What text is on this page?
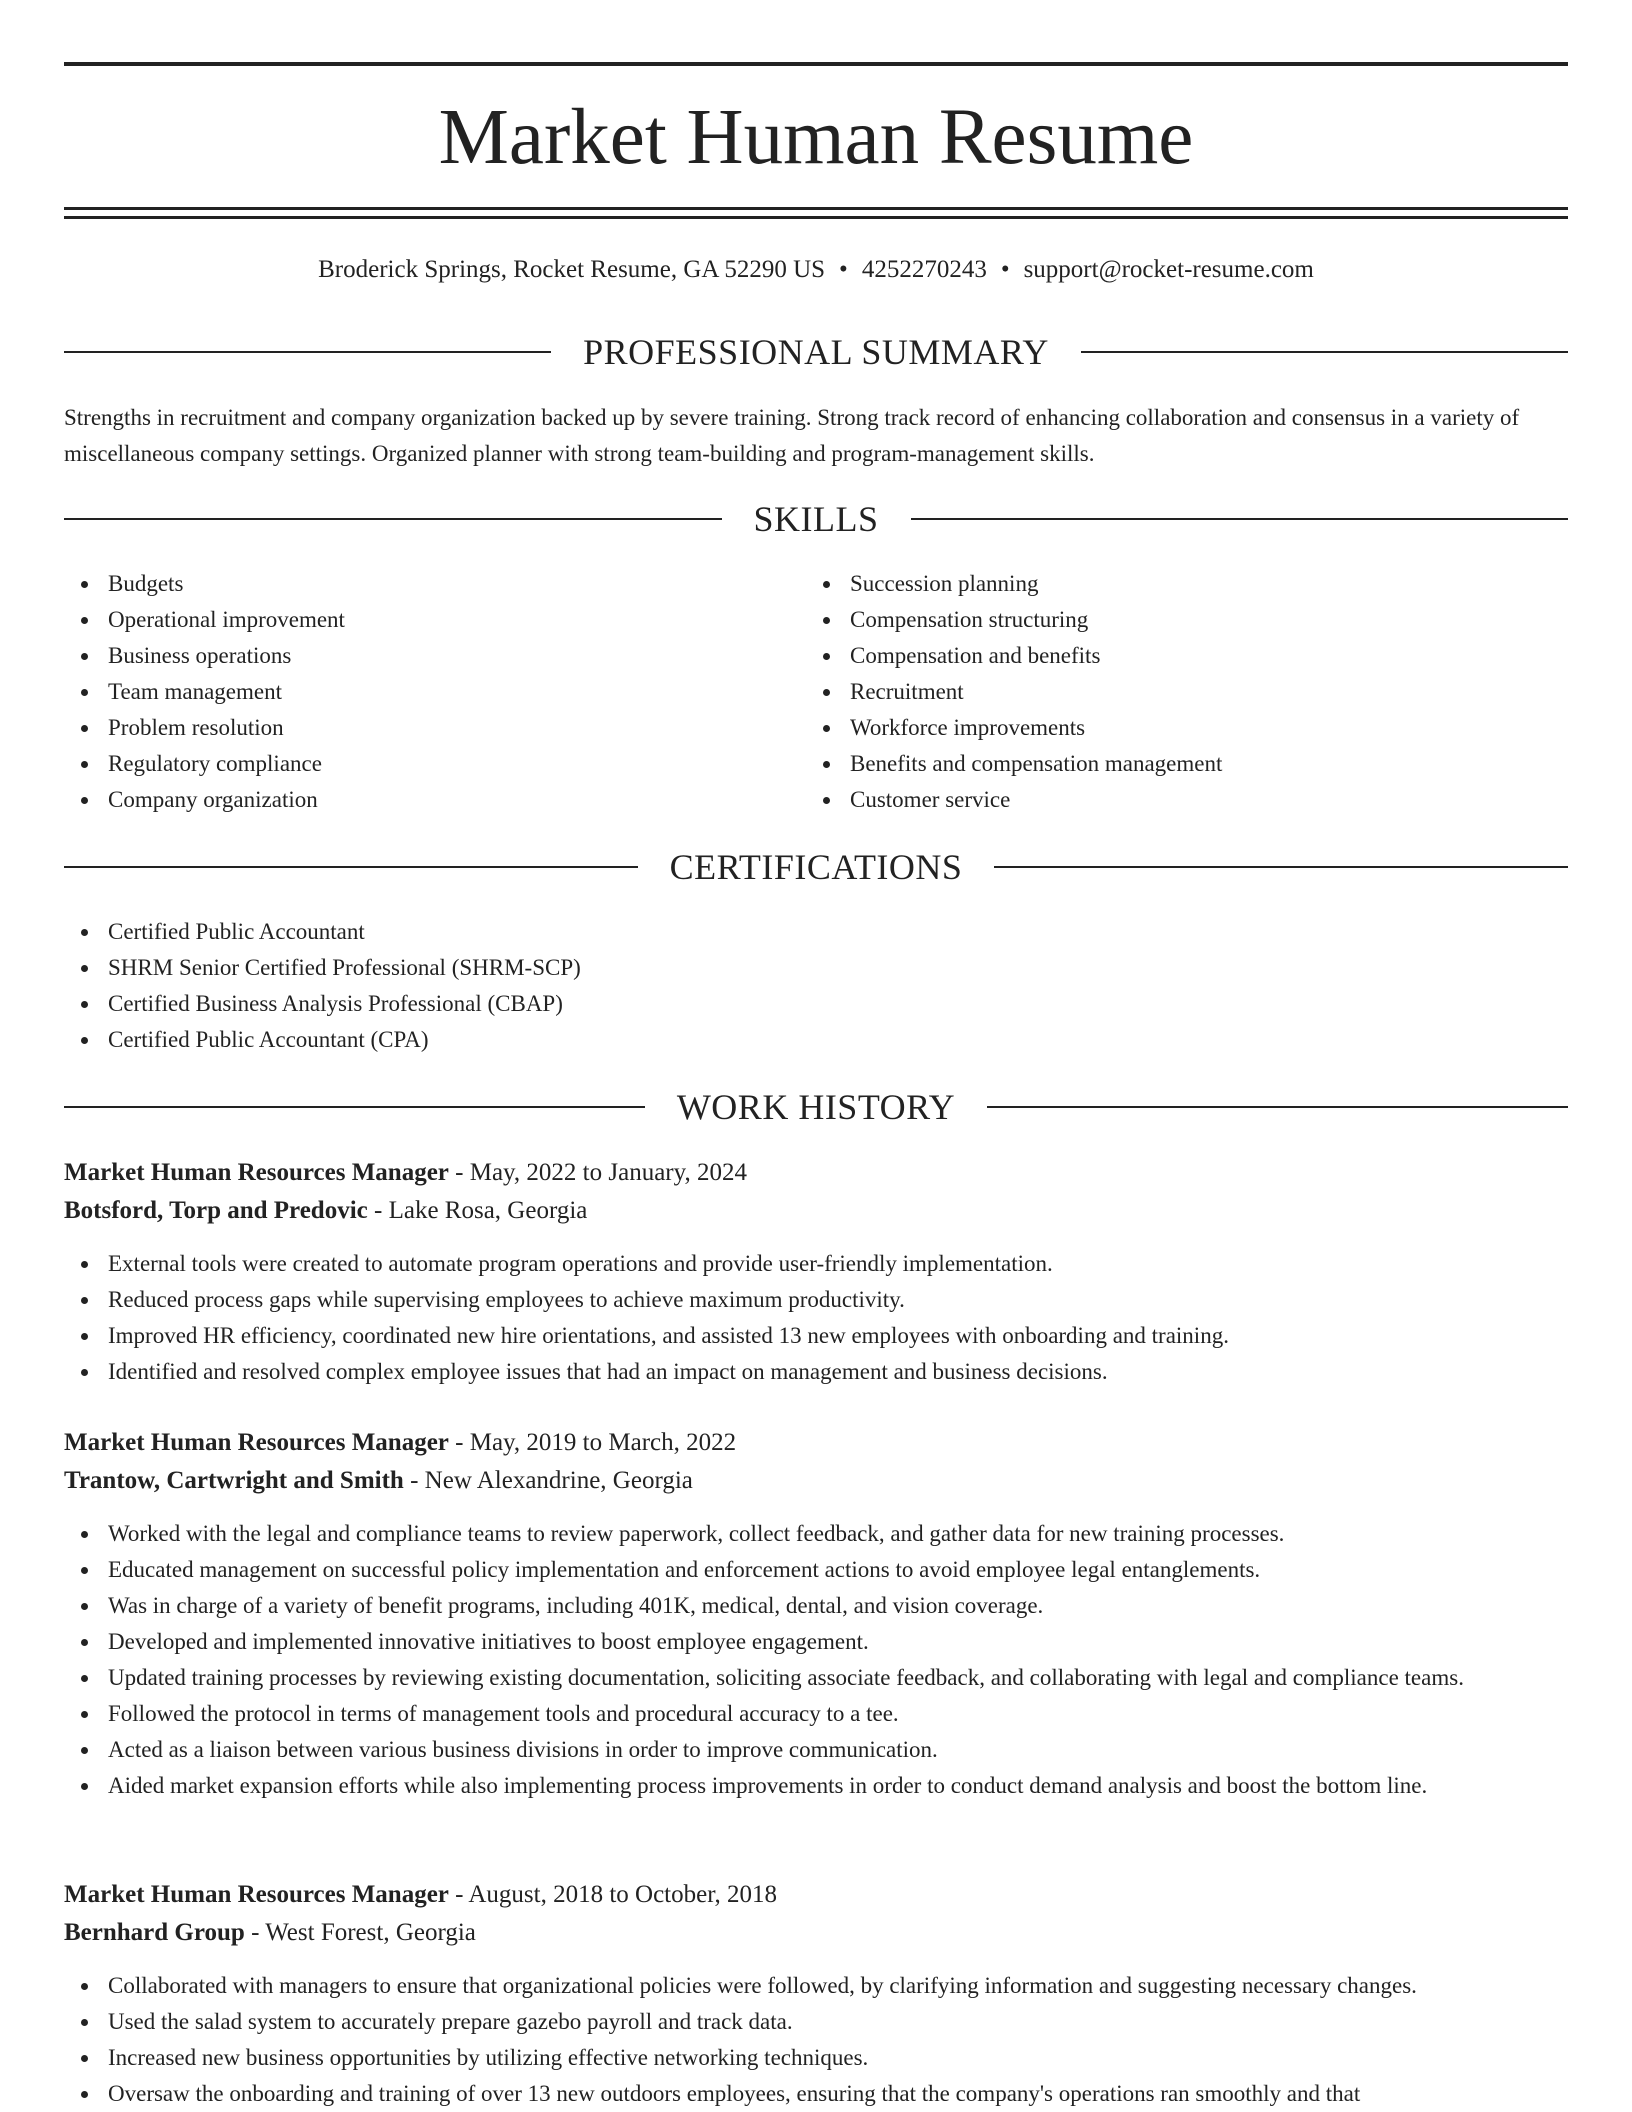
Market Human Resume
Broderick Springs, Rocket Resume, GA 52290 US • 4252270243 • support@rocket-resume.com
PROFESSIONAL SUMMARY

Strengths in recruitment and company organization backed up by severe training. Strong track record of enhancing collaboration and consensus in a variety of miscellaneous company settings. Organized planner with strong team-building and program-management skills.

SKILLS
Budgets
Operational improvement
Business operations
Team management
Problem resolution
Regulatory compliance
Company organization
Succession planning
Compensation structuring
Compensation and benefits
Recruitment
Workforce improvements
Benefits and compensation management
Customer service
CERTIFICATIONS
Certified Public Accountant
SHRM Senior Certified Professional (SHRM-SCP)
Certified Business Analysis Professional (CBAP)
Certified Public Accountant (CPA)
WORK HISTORY
Market Human Resources Manager - May, 2022 to January, 2024
Botsford, Torp and Predovic - Lake Rosa, Georgia
External tools were created to automate program operations and provide user-friendly implementation.
Reduced process gaps while supervising employees to achieve maximum productivity.
Improved HR efficiency, coordinated new hire orientations, and assisted 13 new employees with onboarding and training.
Identified and resolved complex employee issues that had an impact on management and business decisions.
Market Human Resources Manager - May, 2019 to March, 2022
Trantow, Cartwright and Smith - New Alexandrine, Georgia
Worked with the legal and compliance teams to review paperwork, collect feedback, and gather data for new training processes.
Educated management on successful policy implementation and enforcement actions to avoid employee legal entanglements.
Was in charge of a variety of benefit programs, including 401K, medical, dental, and vision coverage.
Developed and implemented innovative initiatives to boost employee engagement.
Updated training processes by reviewing existing documentation, soliciting associate feedback, and collaborating with legal and compliance teams.
Followed the protocol in terms of management tools and procedural accuracy to a tee.
Acted as a liaison between various business divisions in order to improve communication.
Aided market expansion efforts while also implementing process improvements in order to conduct demand analysis and boost the bottom line.
Market Human Resources Manager - August, 2018 to October, 2018
Bernhard Group - West Forest, Georgia
Collaborated with managers to ensure that organizational policies were followed, by clarifying information and suggesting necessary changes.
Used the salad system to accurately prepare gazebo payroll and track data.
Increased new business opportunities by utilizing effective networking techniques.
Oversaw the onboarding and training of over 13 new outdoors employees, ensuring that the company's operations ran smoothly and that
